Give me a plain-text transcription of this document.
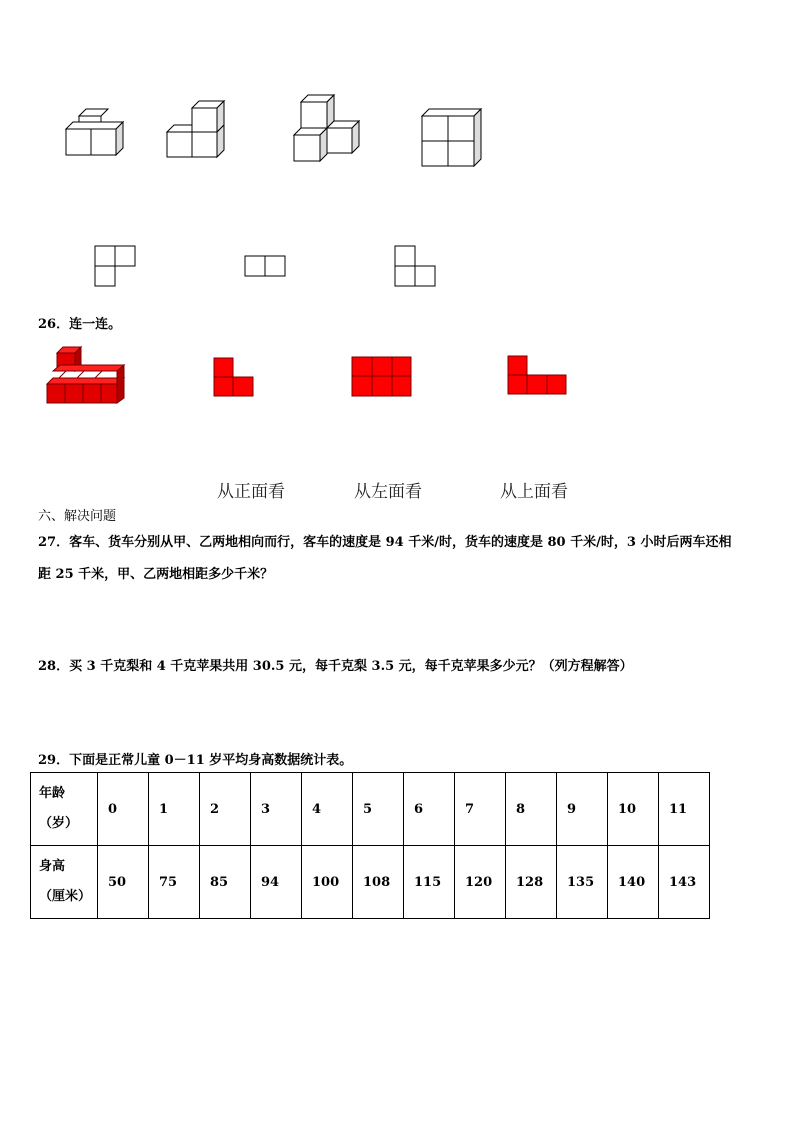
26．连一连。
从正面看	从左面看	从上面看
六、解决问题
27．客车、货车分别从甲、乙两地相向而行，客车的速度是 94 千米/时，货车的速度是 80 千米/时，3 小时后两车还相
距 25 千米，甲、乙两地相距多少千米？
28．买 3 千克梨和 4 千克苹果共用 30.5 元，每千克梨 3.5 元，每千克苹果多少元？（列方程解答）
29．下面是正常儿童 0－11 岁平均身高数据统计表。
年龄
（岁）	0	1	2	3	4	5	6	7	8	9	10	11
身高
（厘米）	50	75	85	94	100	108	115	120	128	135	140	143
